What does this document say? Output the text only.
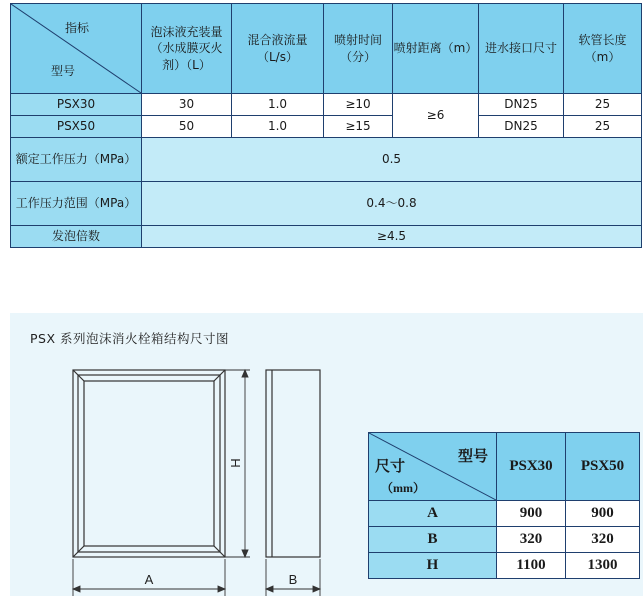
指标
型号	泡沫液充装量（水成膜灭火剂）（L）	混合液流量（L/s）	喷射时间（分）	喷射距离（m）	进水接口尺寸	软管长度（m）
PSX30	30	1.0	≥10	≥6	DN25	25
PSX50	50	1.0	≥15		DN25	25
额定工作压力（MPa）	0.5					
工作压力范围（MPa）	0.4～0.8					
发泡倍数	≥4.5					
PSX 系列泡沫消火栓箱结构尺寸图
H
A	B
型号
尺寸
（mm）	PSX30	PSX50
A	900	900
B	320	320
H	1100	1300
